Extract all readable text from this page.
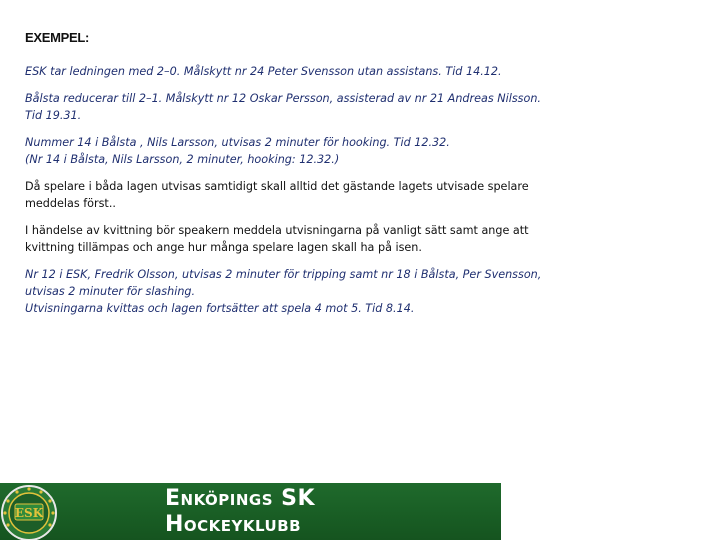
EXEMPEL:
ESK tar ledningen med 2–0. Målskytt nr 24 Peter Svensson utan assistans. Tid 14.12.
Bålsta reducerar till 2–1. Målskytt nr 12 Oskar Persson, assisterad av nr 21 Andreas Nilsson.
Tid 19.31.
Nummer 14 i Bålsta , Nils Larsson, utvisas 2 minuter för hooking. Tid 12.32.
(Nr 14 i Bålsta, Nils Larsson, 2 minuter, hooking: 12.32.)
Då spelare i båda lagen utvisas samtidigt skall alltid det gästande lagets utvisade spelare
meddelas först..
I händelse av kvittning bör speakern meddela utvisningarna på vanligt sätt samt ange att
kvittning tillämpas och ange hur många spelare lagen skall ha på isen.
Nr 12 i ESK, Fredrik Olsson, utvisas 2 minuter för tripping samt nr 18 i Bålsta, Per Svensson,
utvisas 2 minuter för slashing.
Utvisningarna kvittas och lagen fortsätter att spela 4 mot 5. Tid 8.14.
ESK
Enköpings SK
Hockeyklubb
